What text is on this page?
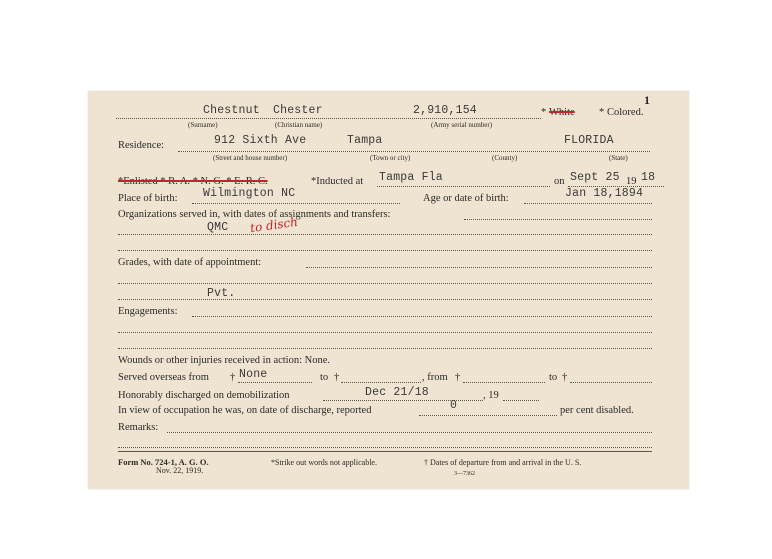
1
Chestnut Chester	2,910,154
(Surname)	(Christian name)	(Army serial number)
* White * Colored.
Residence:	912 Sixth Ave	Tampa	FLORIDA
(Street and house number)	(Town or city)	(County)	(State)
*Enlisted * R. A. * N. G. * E. R. C.	*Inducted at Tampa Fla	on Sept 25 19 18
Place of birth: Wilmington NC	Age or date of birth:	Jan 18,1894
Organizations served in, with dates of assignments and transfers:
QMC to disch
Grades, with date of appointment:
Pvt.
Engagements:
Wounds or other injuries received in action: None.
Served overseas from † None	to †	, from †	to †
Honorably discharged on demobilization	Dec 21/18	, 19
In view of occupation he was, on date of discharge, reported	0	per cent disabled.
Remarks:
Form No. 724-1, A. G. O.
Nov. 22, 1919.
*Strike out words not applicable.	† Dates of departure from and arrival in the U. S.
3—7362
